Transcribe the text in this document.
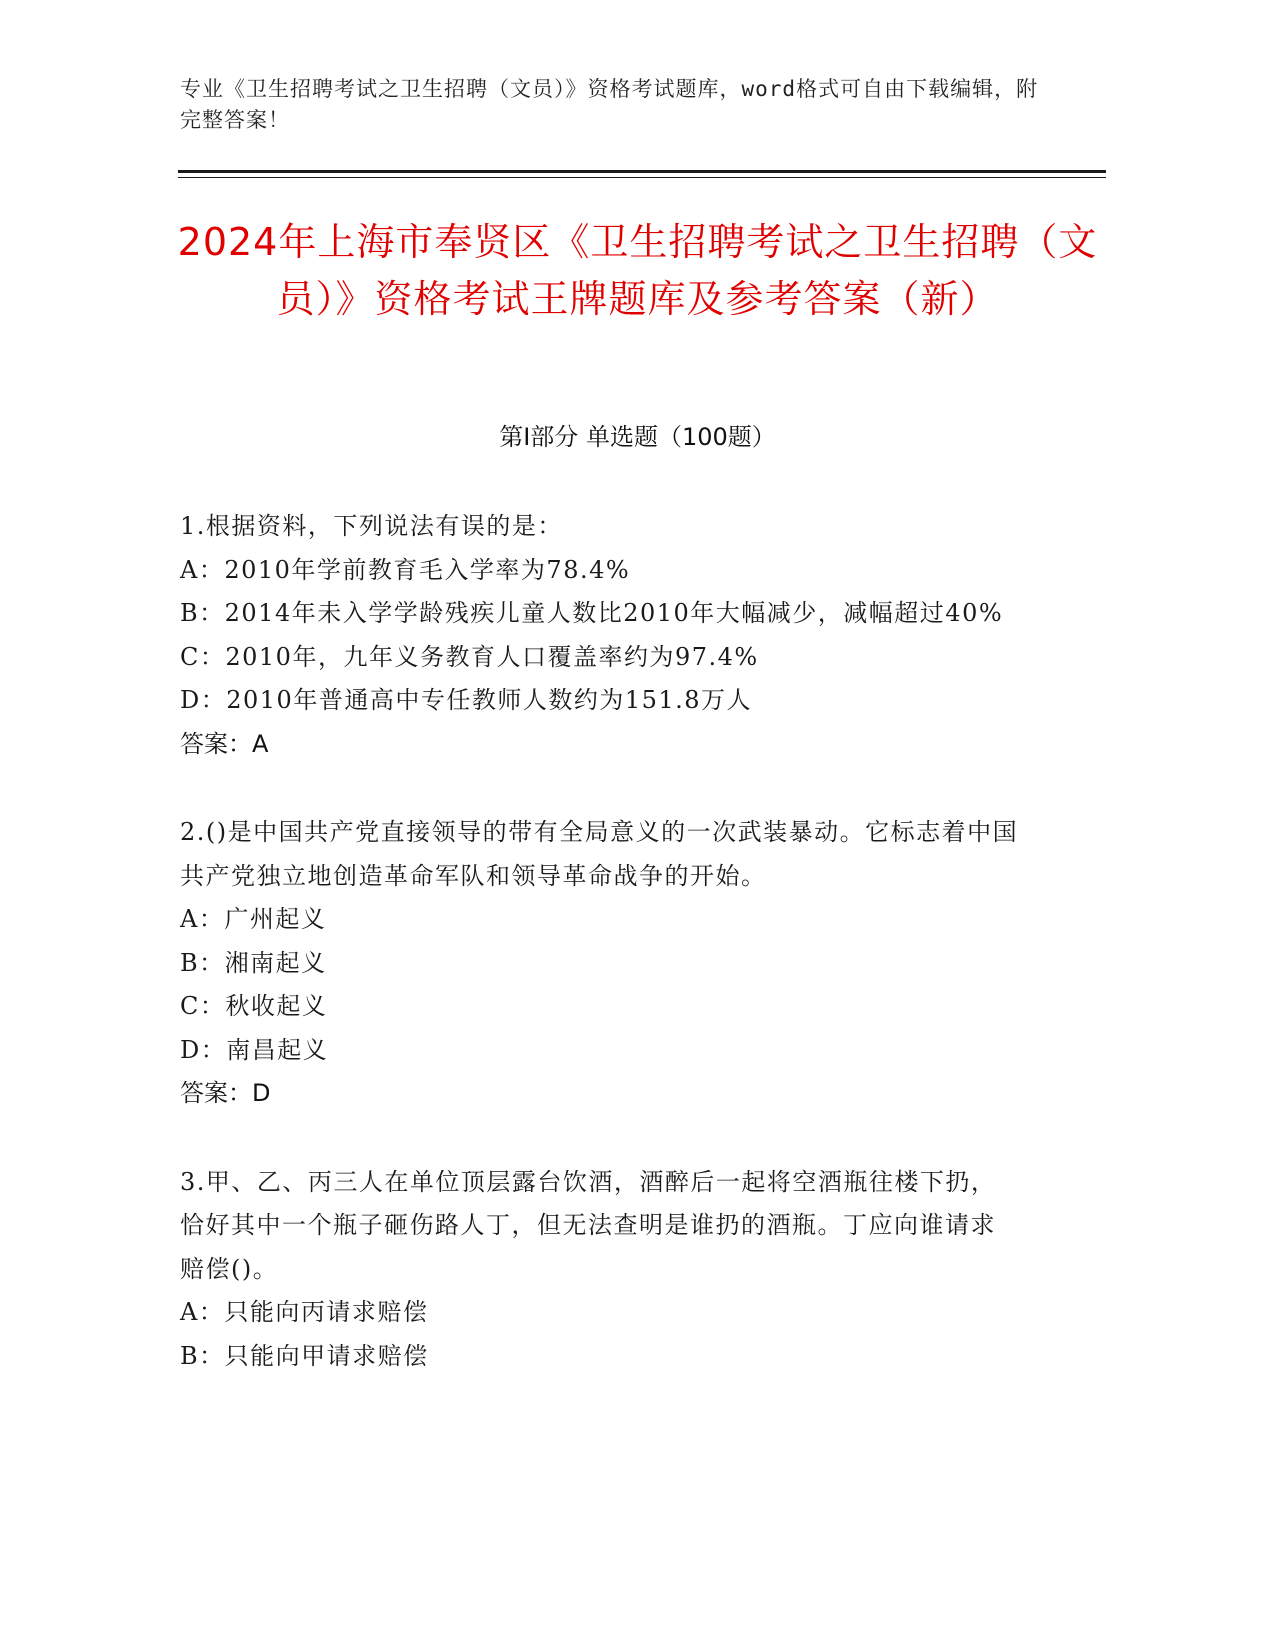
专业《卫生招聘考试之卫生招聘（文员）》资格考试题库，word格式可自由下载编辑，附完整答案！
2024年上海市奉贤区《卫生招聘考试之卫生招聘（文员）》资格考试王牌题库及参考答案（新）
第Ⅰ部分 单选题（100题）
1.根据资料，下列说法有误的是：
A： 2010年学前教育毛入学率为78.4%
B： 2014年未入学学龄残疾儿童人数比2010年大幅减少，减幅超过40%
C： 2010年，九年义务教育人口覆盖率约为97.4%
D： 2010年普通高中专任教师人数约为151.8万人
答案：A
2.()是中国共产党直接领导的带有全局意义的一次武装暴动。它标志着中国共产党独立地创造革命军队和领导革命战争的开始。
A： 广州起义
B： 湘南起义
C： 秋收起义
D： 南昌起义
答案：D
3.甲、乙、丙三人在单位顶层露台饮酒，酒醉后一起将空酒瓶往楼下扔，恰好其中一个瓶子砸伤路人丁，但无法查明是谁扔的酒瓶。丁应向谁请求赔偿()。
A： 只能向丙请求赔偿
B： 只能向甲请求赔偿
